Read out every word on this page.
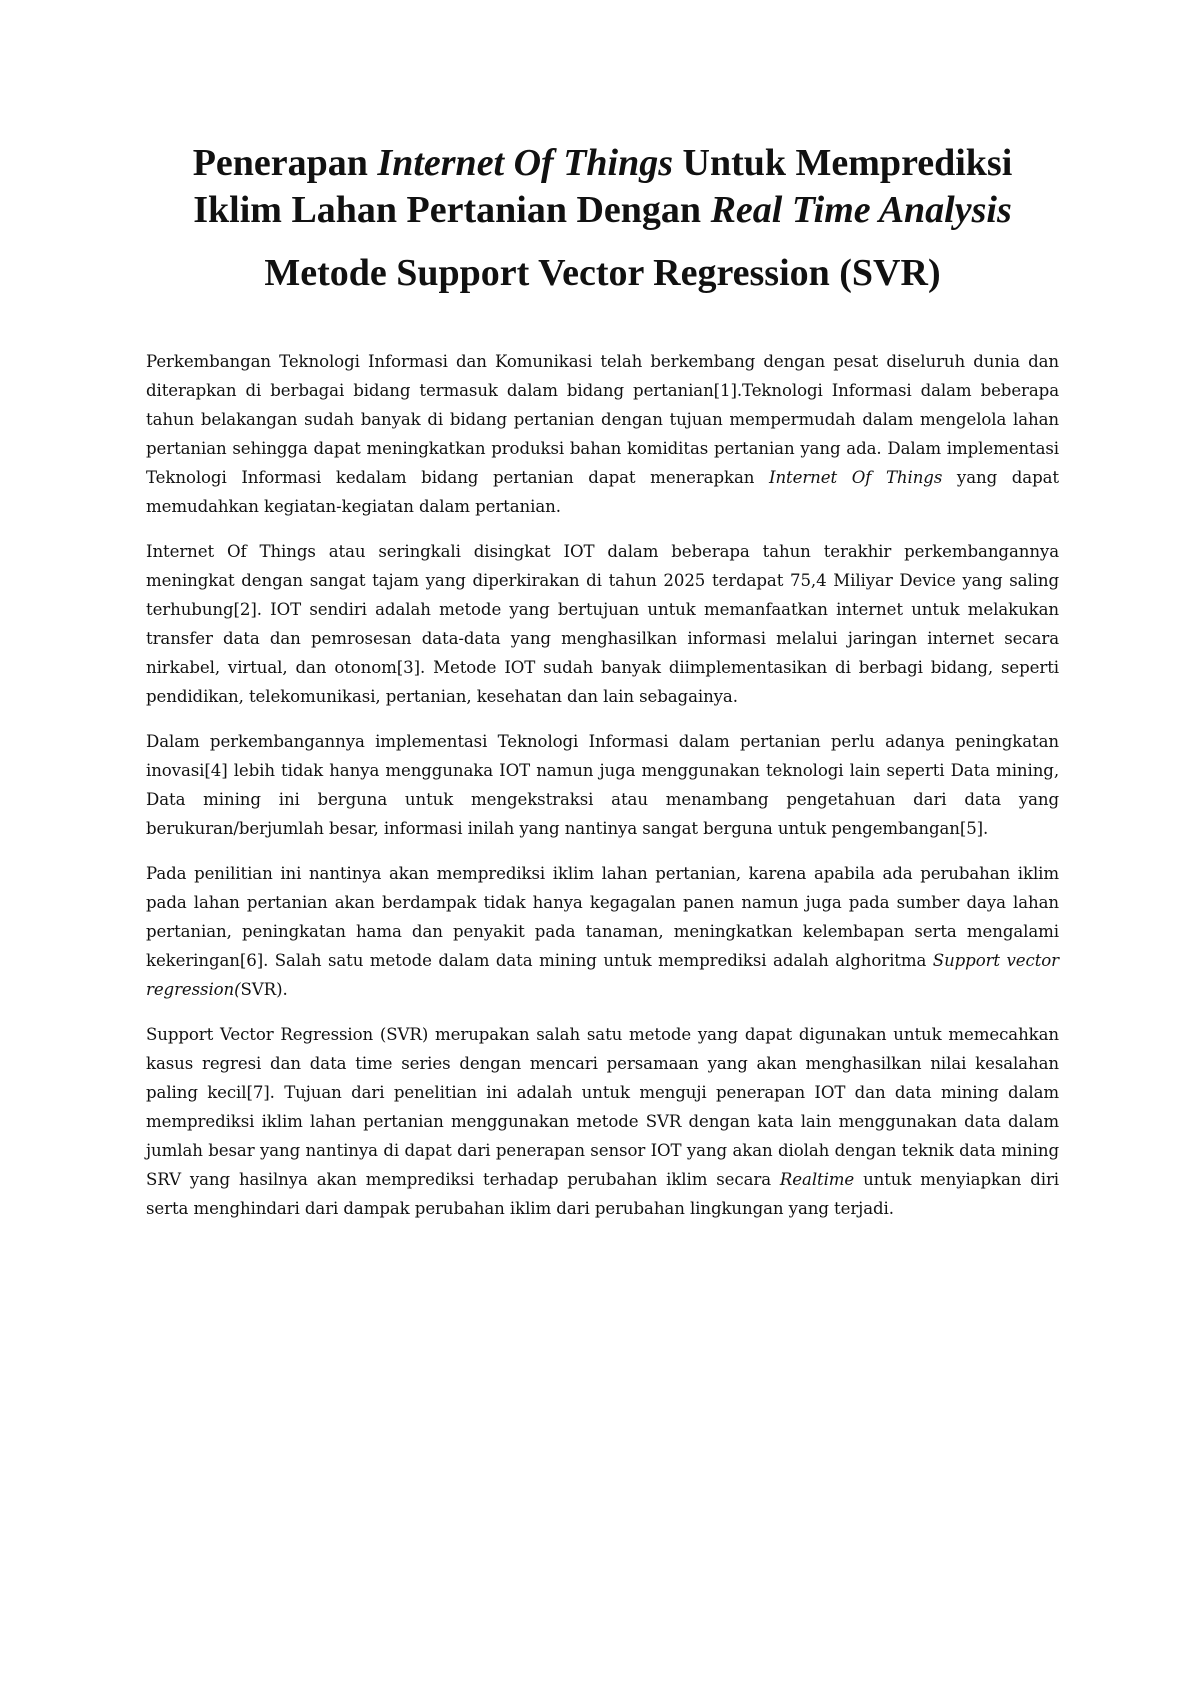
Penerapan Internet Of Things Untuk Memprediksi
Iklim Lahan Pertanian Dengan Real Time Analysis
Metode Support Vector Regression (SVR)

Perkembangan Teknologi Informasi dan Komunikasi telah berkembang dengan pesat diseluruh dunia dan diterapkan di berbagai bidang termasuk dalam bidang pertanian[1].Teknologi Informasi dalam beberapa tahun belakangan sudah banyak di bidang pertanian dengan tujuan mempermudah dalam mengelola lahan pertanian sehingga dapat meningkatkan produksi bahan komiditas pertanian yang ada. Dalam implementasi Teknologi Informasi kedalam bidang pertanian dapat menerapkan Internet Of Things yang dapat memudahkan kegiatan-kegiatan dalam pertanian.

Internet Of Things atau seringkali disingkat IOT dalam beberapa tahun terakhir perkembangannya meningkat dengan sangat tajam yang diperkirakan di tahun 2025 terdapat 75,4 Miliyar Device yang saling terhubung[2]. IOT sendiri adalah metode yang bertujuan untuk memanfaatkan internet untuk melakukan transfer data dan pemrosesan data-data yang menghasilkan informasi melalui jaringan internet secara nirkabel, virtual, dan otonom[3]. Metode IOT sudah banyak diimplementasikan di berbagi bidang, seperti pendidikan, telekomunikasi, pertanian, kesehatan dan lain sebagainya.

Dalam perkembangannya implementasi Teknologi Informasi dalam pertanian perlu adanya peningkatan inovasi[4] lebih tidak hanya menggunaka IOT namun juga menggunakan teknologi lain seperti Data mining, Data mining ini berguna untuk mengekstraksi atau menambang pengetahuan dari data yang berukuran/berjumlah besar, informasi inilah yang nantinya sangat berguna untuk pengembangan[5].

Pada penilitian ini nantinya akan memprediksi iklim lahan pertanian, karena apabila ada perubahan iklim pada lahan pertanian akan berdampak tidak hanya kegagalan panen namun juga pada sumber daya lahan pertanian, peningkatan hama dan penyakit pada tanaman, meningkatkan kelembapan serta mengalami kekeringan[6]. Salah satu metode dalam data mining untuk memprediksi adalah alghoritma Support vector regression(SVR).

Support Vector Regression (SVR) merupakan salah satu metode yang dapat digunakan untuk memecahkan kasus regresi dan data time series dengan mencari persamaan yang akan menghasilkan nilai kesalahan paling kecil[7]. Tujuan dari penelitian ini adalah untuk menguji penerapan IOT dan data mining dalam memprediksi iklim lahan pertanian menggunakan metode SVR dengan kata lain menggunakan data dalam jumlah besar yang nantinya di dapat dari penerapan sensor IOT yang akan diolah dengan teknik data mining SRV yang hasilnya akan memprediksi terhadap perubahan iklim secara Realtime untuk menyiapkan diri serta menghindari dari dampak perubahan iklim dari perubahan lingkungan yang terjadi.
